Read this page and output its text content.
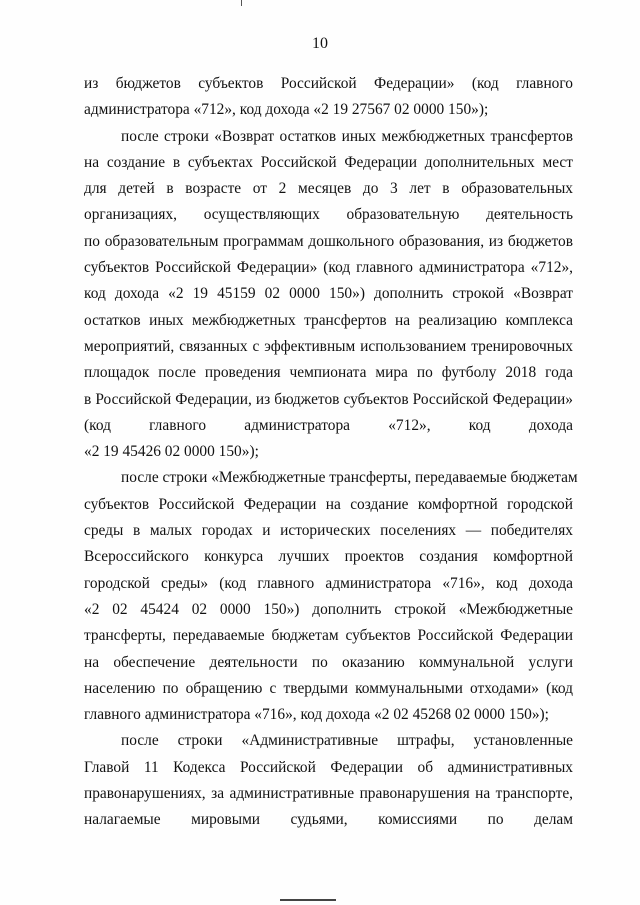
10

из бюджетов субъектов Российской Федерации» (код главного
администратора «712», код дохода «2 19 27567 02 0000 150»);

после строки «Возврат остатков иных межбюджетных трансфертов
на создание в субъектах Российской Федерации дополнительных мест
для детей в возрасте от 2 месяцев до 3 лет в образовательных
организациях, осуществляющих образовательную деятельность
по образовательным программам дошкольного образования, из бюджетов
субъектов Российской Федерации» (код главного администратора «712»,
код дохода «2 19 45159 02 0000 150») дополнить строкой «Возврат
остатков иных межбюджетных трансфертов на реализацию комплекса
мероприятий, связанных с эффективным использованием тренировочных
площадок после проведения чемпионата мира по футболу 2018 года
в Российской Федерации, из бюджетов субъектов Российской Федерации»
(код главного администратора «712», код дохода
«2 19 45426 02 0000 150»);

после строки «Межбюджетные трансферты, передаваемые бюджетам
субъектов Российской Федерации на создание комфортной городской
среды в малых городах и исторических поселениях — победителях
Всероссийского конкурса лучших проектов создания комфортной
городской среды» (код главного администратора «716», код дохода
«2 02 45424 02 0000 150») дополнить строкой «Межбюджетные
трансферты, передаваемые бюджетам субъектов Российской Федерации
на обеспечение деятельности по оказанию коммунальной услуги
населению по обращению с твердыми коммунальными отходами» (код
главного администратора «716», код дохода «2 02 45268 02 0000 150»);

после строки «Административные штрафы, установленные
Главой 11 Кодекса Российской Федерации об административных
правонарушениях, за административные правонарушения на транспорте,
налагаемые мировыми судьями, комиссиями по делам
